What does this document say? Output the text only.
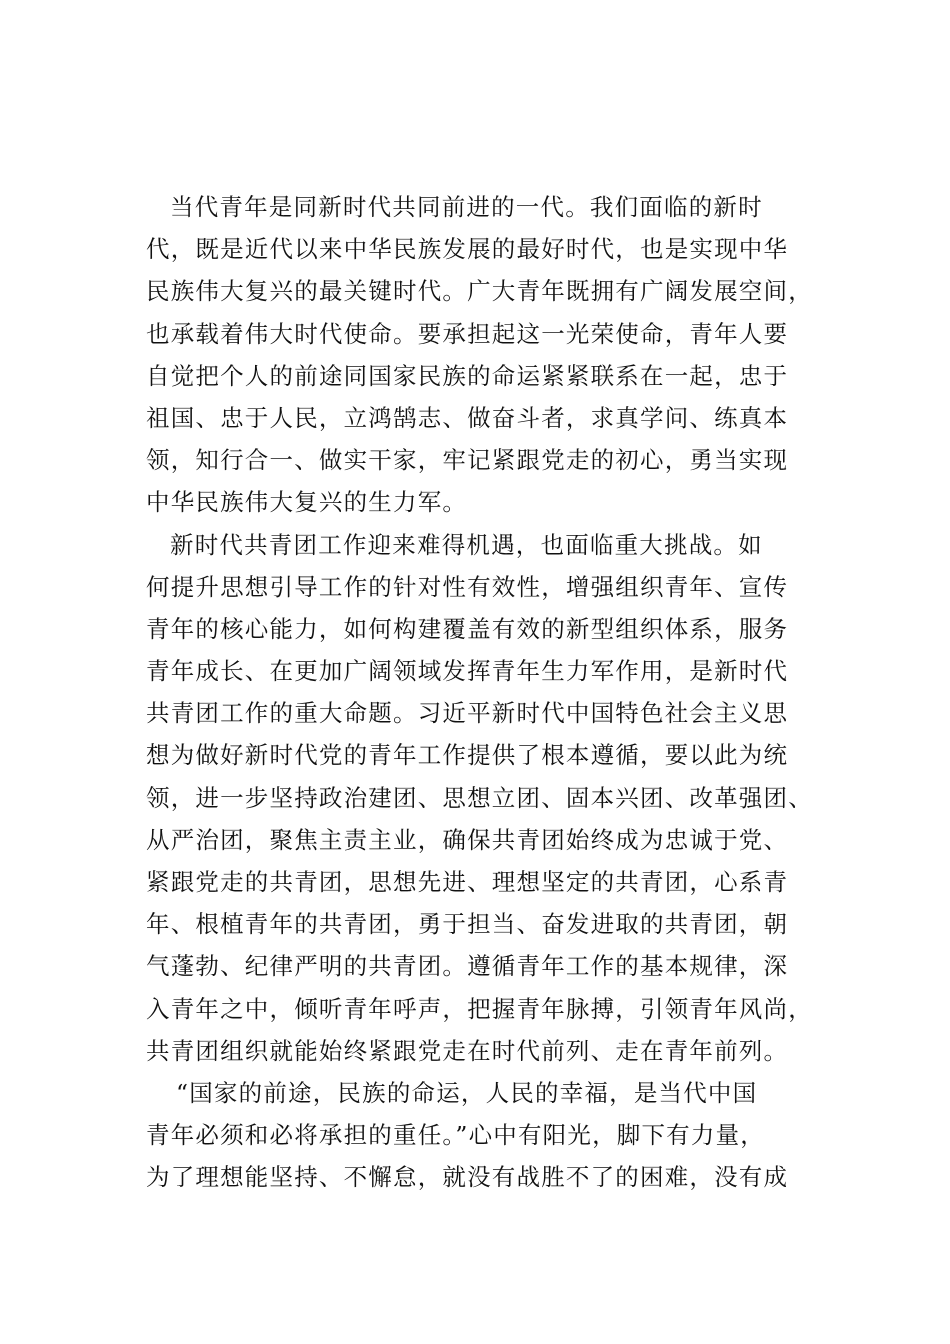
当代青年是同新时代共同前进的一代。我们面临的新时
代，既是近代以来中华民族发展的最好时代，也是实现中华
民族伟大复兴的最关键时代。广大青年既拥有广阔发展空间，
也承载着伟大时代使命。要承担起这一光荣使命，青年人要
自觉把个人的前途同国家民族的命运紧紧联系在一起，忠于
祖国、忠于人民，立鸿鹄志、做奋斗者，求真学问、练真本
领，知行合一、做实干家，牢记紧跟党走的初心，勇当实现
中华民族伟大复兴的生力军。
新时代共青团工作迎来难得机遇，也面临重大挑战。如
何提升思想引导工作的针对性有效性，增强组织青年、宣传
青年的核心能力，如何构建覆盖有效的新型组织体系，服务
青年成长、在更加广阔领域发挥青年生力军作用，是新时代
共青团工作的重大命题。习近平新时代中国特色社会主义思
想为做好新时代党的青年工作提供了根本遵循，要以此为统
领，进一步坚持政治建团、思想立团、固本兴团、改革强团、
从严治团，聚焦主责主业，确保共青团始终成为忠诚于党、
紧跟党走的共青团，思想先进、理想坚定的共青团，心系青
年、根植青年的共青团，勇于担当、奋发进取的共青团，朝
气蓬勃、纪律严明的共青团。遵循青年工作的基本规律，深
入青年之中，倾听青年呼声，把握青年脉搏，引领青年风尚，
共青团组织就能始终紧跟党走在时代前列、走在青年前列。
“国家的前途，民族的命运，人民的幸福，是当代中国
青年必须和必将承担的重任。”心中有阳光，脚下有力量，
为了理想能坚持、不懈怠，就没有战胜不了的困难，没有成
